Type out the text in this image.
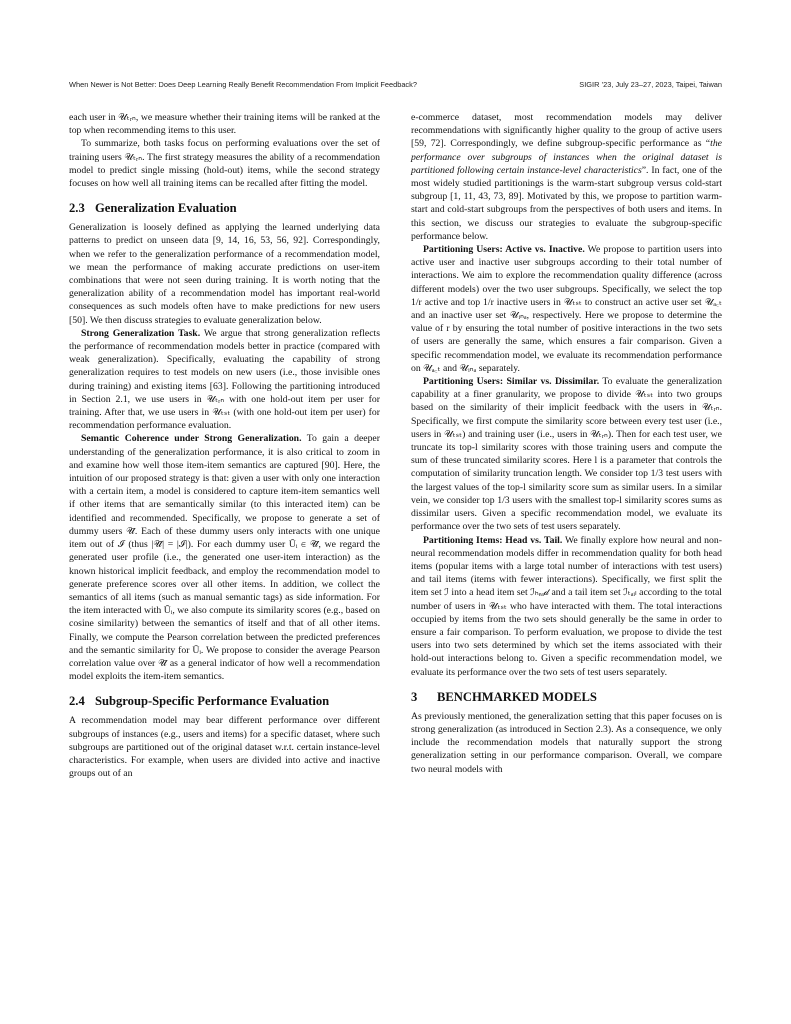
When Newer is Not Better: Does Deep Learning Really Benefit Recommendation From Implicit Feedback?	SIGIR ’23, July 23–27, 2023, Taipei, Taiwan

each user in 𝒰ₜᵣₙ, we measure whether their training items will be ranked at the top when recommending items to this user.

To summarize, both tasks focus on performing evaluations over the set of training users 𝒰ₜᵣₙ. The first strategy measures the ability of a recommendation model to predict single missing (hold-out) items, while the second strategy focuses on how well all training items can be recalled after fitting the model.

2.3 Generalization Evaluation

Generalization is loosely defined as applying the learned underlying data patterns to predict on unseen data [9, 14, 16, 53, 56, 92]. Correspondingly, when we refer to the generalization performance of a recommendation model, we mean the performance of making accurate predictions on user-item combinations that were not seen during training. It is worth noting that the generalization ability of a recommendation model has important real-world consequences as such models often have to make predictions for new users [50]. We then discuss strategies to evaluate generalization below.

Strong Generalization Task. We argue that strong generalization reflects the performance of recommendation models better in practice (compared with weak generalization). Specifically, evaluating the capability of strong generalization requires to test models on new users (i.e., those invisible ones during training) and existing items [63]. Following the partitioning introduced in Section 2.1, we use users in 𝒰ₜᵣₙ with one hold-out item per user for training. After that, we use users in 𝒰ₜₛₜ (with one hold-out item per user) for recommendation performance evaluation.

Semantic Coherence under Strong Generalization. To gain a deeper understanding of the generalization performance, it is also critical to zoom in and examine how well those item-item semantics are captured [90]. Here, the intuition of our proposed strategy is that: given a user with only one interaction with a certain item, a model is considered to capture item-item semantics well if other items that are semantically similar (to this interacted item) can be identified and recommended. Specifically, we propose to generate a set of dummy users 𝒰̃. Each of these dummy users only interacts with one unique item out of ℐ (thus |𝒰̃| = |ℐ|). For each dummy user Ũᵢ ∈ 𝒰̃, we regard the generated user profile (i.e., the generated one user-item interaction) as the known historical implicit feedback, and employ the recommendation model to generate preference scores over all other items. In addition, we collect the semantics of all items (such as manual semantic tags) as side information. For the item interacted with Ũᵢ, we also compute its similarity scores (e.g., based on cosine similarity) between the semantics of itself and that of all other items. Finally, we compute the Pearson correlation between the predicted preferences and the semantic similarity for Ũᵢ. We propose to consider the average Pearson correlation value over 𝒰̃ as a general indicator of how well a recommendation model exploits the item-item semantics.

2.4 Subgroup-Specific Performance Evaluation

A recommendation model may bear different performance over different subgroups of instances (e.g., users and items) for a specific dataset, where such subgroups are partitioned out of the original dataset w.r.t. certain instance-level characteristics. For example, when users are divided into active and inactive groups out of an

e-commerce dataset, most recommendation models may deliver recommendations with significantly higher quality to the group of active users [59, 72]. Correspondingly, we define subgroup-specific performance as “the performance over subgroups of instances when the original dataset is partitioned following certain instance-level characteristics”. In fact, one of the most widely studied partitionings is the warm-start subgroup versus cold-start subgroup [1, 11, 43, 73, 89]. Motivated by this, we propose to partition warm-start and cold-start subgroups from the perspectives of both users and items. In this section, we discuss our strategies to evaluate the subgroup-specific performance below.

Partitioning Users: Active vs. Inactive. We propose to partition users into active user and inactive user subgroups according to their total number of interactions. We aim to explore the recommendation quality difference (across different models) over the two user subgroups. Specifically, we select the top 1/r active and top 1/r inactive users in 𝒰ₜₛₜ to construct an active user set 𝒰ₐ꜀ₜ and an inactive user set 𝒰ᵢₙₐ, respectively. Here we propose to determine the value of r by ensuring the total number of positive interactions in the two sets of users are generally the same, which ensures a fair comparison. Given a specific recommendation model, we evaluate its recommendation performance on 𝒰ₐ꜀ₜ and 𝒰ᵢₙₐ separately.

Partitioning Users: Similar vs. Dissimilar. To evaluate the generalization capability at a finer granularity, we propose to divide 𝒰ₜₛₜ into two groups based on the similarity of their implicit feedback with the users in 𝒰ₜᵣₙ. Specifically, we first compute the similarity score between every test user (i.e., users in 𝒰ₜₛₜ) and training user (i.e., users in 𝒰ₜᵣₙ). Then for each test user, we truncate its top-l similarity scores with those training users and compute the sum of these truncated similarity scores. Here l is a parameter that controls the computation of similarity truncation length. We consider top 1/3 test users with the largest values of the top-l similarity score sum as similar users. In a similar vein, we consider top 1/3 users with the smallest top-l similarity scores sums as dissimilar users. Given a specific recommendation model, we evaluate its performance over the two sets of test users separately.

Partitioning Items: Head vs. Tail. We finally explore how neural and non-neural recommendation models differ in recommendation quality for both head items (popular items with a large total number of interactions with test users) and tail items (items with fewer interactions). Specifically, we first split the item set ℐ into a head item set ℐₕₑₐ𝒹 and a tail item set ℐₜₐᵢₗ according to the total number of users in 𝒰ₜₛₜ who have interacted with them. The total interactions occupied by items from the two sets should generally be the same in order to ensure a fair comparison. To perform evaluation, we propose to divide the test users into two sets determined by which set the items associated with their hold-out interactions belong to. Given a specific recommendation model, we evaluate its performance over the two sets of test users separately.

3 BENCHMARKED MODELS

As previously mentioned, the generalization setting that this paper focuses on is strong generalization (as introduced in Section 2.3). As a consequence, we only include the recommendation models that naturally support the strong generalization setting in our performance comparison. Overall, we compare two neural models with
